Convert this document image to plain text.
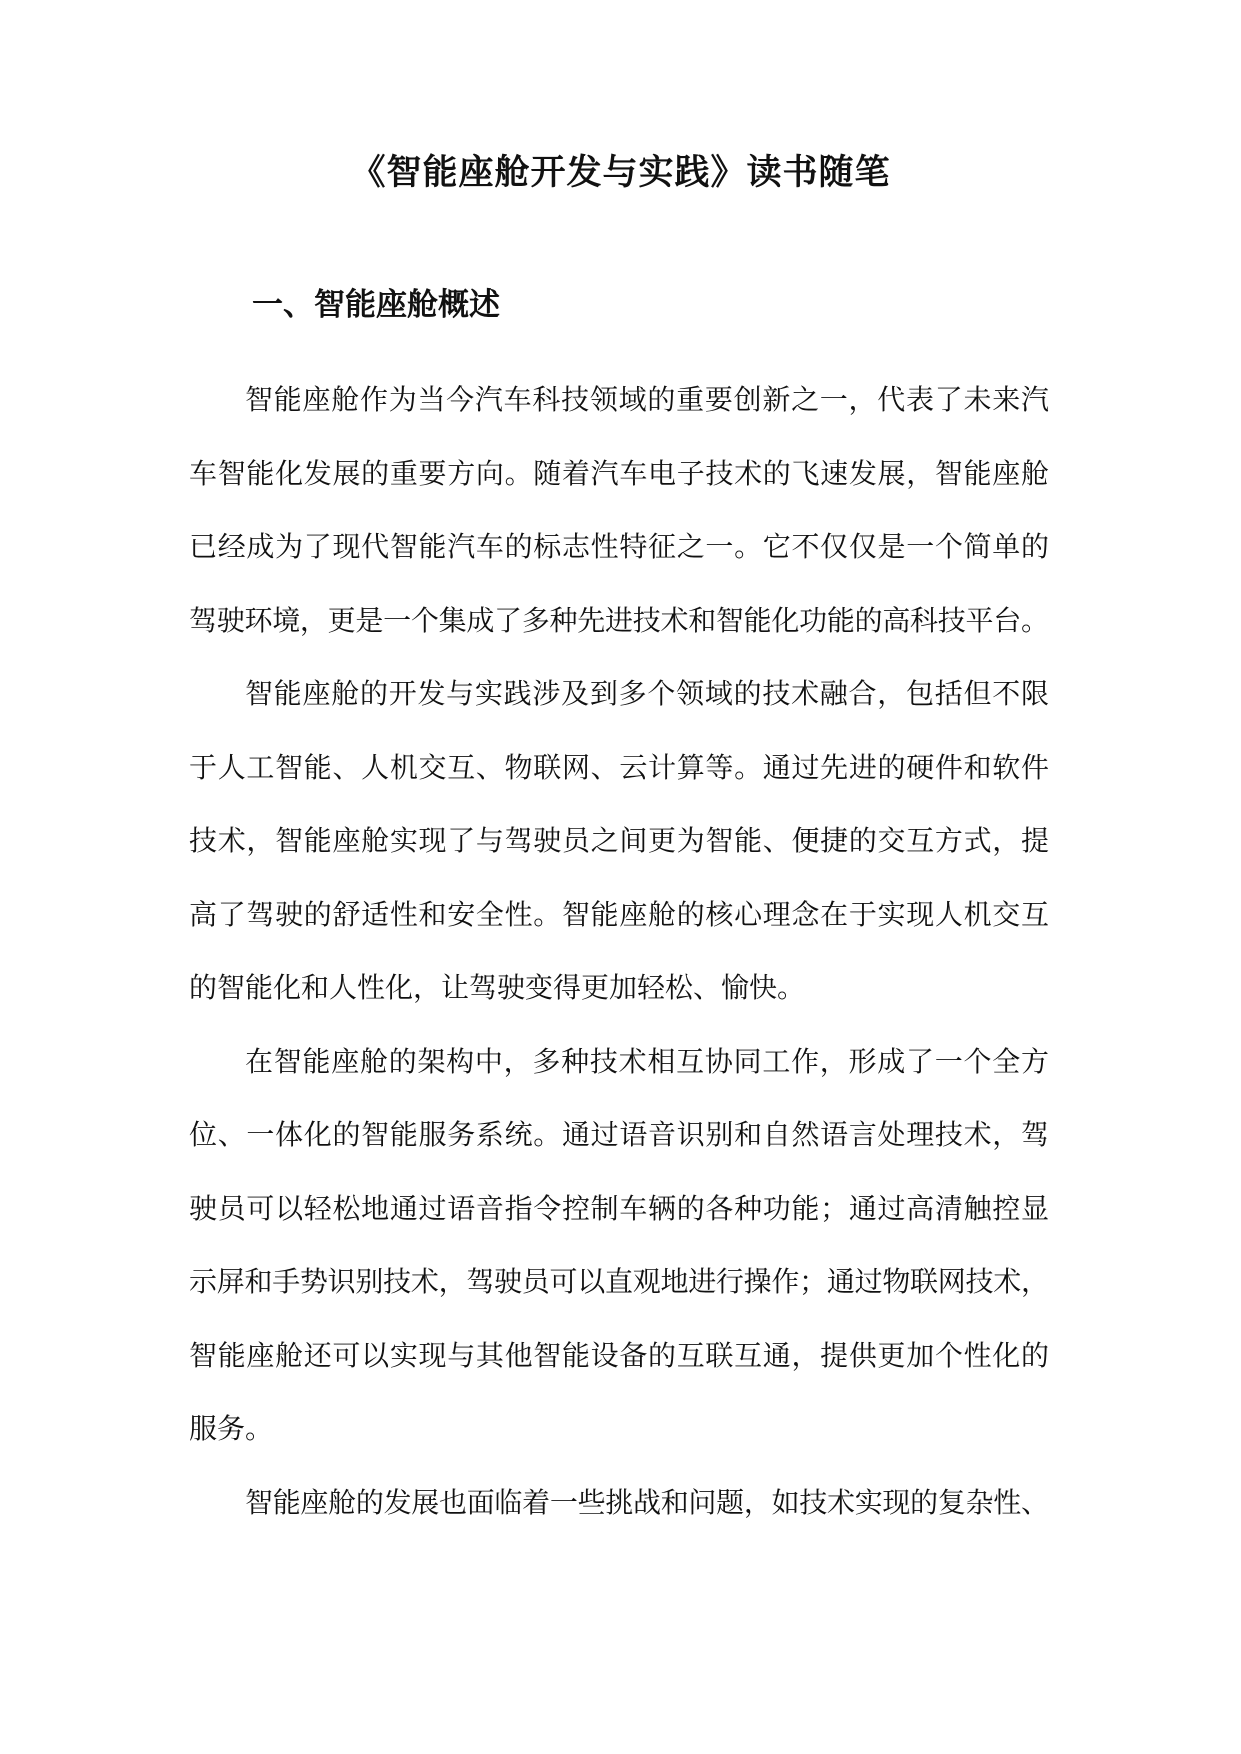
《智能座舱开发与实践》读书随笔
一、智能座舱概述
智能座舱作为当今汽车科技领域的重要创新之一，代表了未来汽
车智能化发展的重要方向。随着汽车电子技术的飞速发展，智能座舱
已经成为了现代智能汽车的标志性特征之一。它不仅仅是一个简单的
驾驶环境，更是一个集成了多种先进技术和智能化功能的高科技平台。
智能座舱的开发与实践涉及到多个领域的技术融合，包括但不限
于人工智能、人机交互、物联网、云计算等。通过先进的硬件和软件
技术，智能座舱实现了与驾驶员之间更为智能、便捷的交互方式，提
高了驾驶的舒适性和安全性。智能座舱的核心理念在于实现人机交互
的智能化和人性化，让驾驶变得更加轻松、愉快。
在智能座舱的架构中，多种技术相互协同工作，形成了一个全方
位、一体化的智能服务系统。通过语音识别和自然语言处理技术，驾
驶员可以轻松地通过语音指令控制车辆的各种功能；通过高清触控显
示屏和手势识别技术，驾驶员可以直观地进行操作；通过物联网技术，
智能座舱还可以实现与其他智能设备的互联互通，提供更加个性化的
服务。
智能座舱的发展也面临着一些挑战和问题，如技术实现的复杂性、
